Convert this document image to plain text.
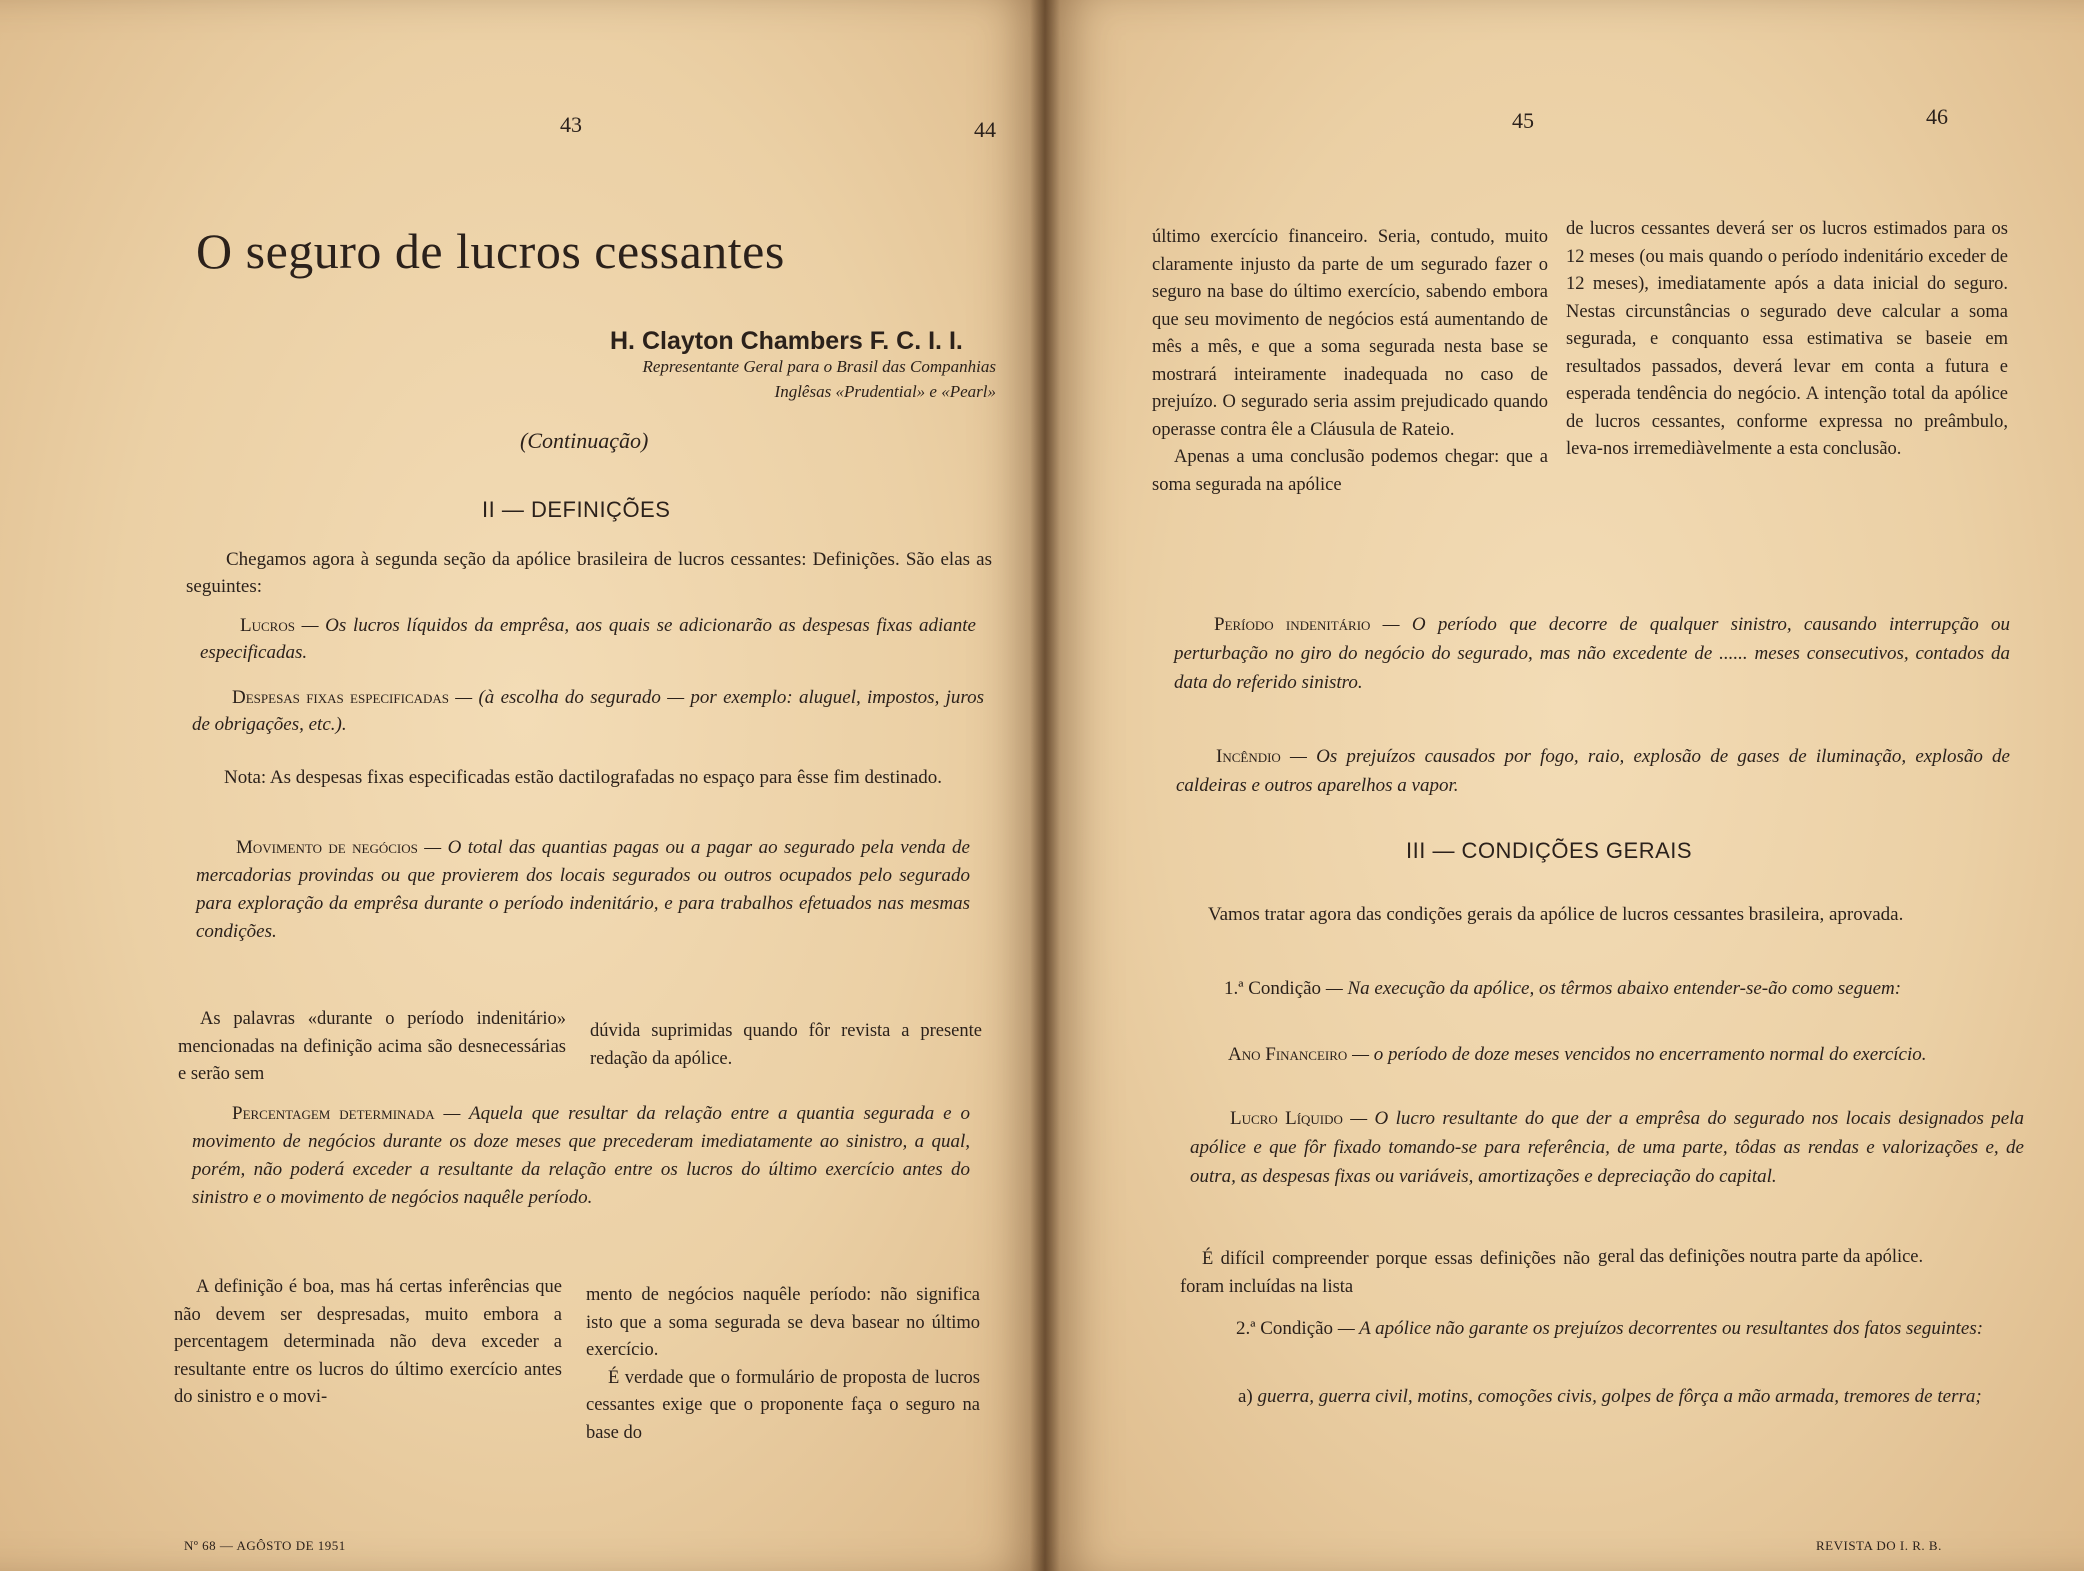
43	44
O seguro de lucros cessantes
H. Clayton Chambers F. C. I. I.
Representante Geral para o Brasil das Companhias Inglêsas «Prudential» e «Pearl»
(Continuação)
II — DEFINIÇÕES

Chegamos agora à segunda seção da apólice brasileira de lucros cessantes: Definições. São elas as seguintes:

Lucros — Os lucros líquidos da emprêsa, aos quais se adicionarão as despesas fixas adiante especificadas.

Despesas fixas especificadas — (à escolha do segurado — por exemplo: aluguel, impostos, juros de obrigações, etc.).

Nota: As despesas fixas especificadas estão dactilografadas no espaço para êsse fim destinado.

Movimento de negócios — O total das quantias pagas ou a pagar ao segurado pela venda de mercadorias provindas ou que provierem dos locais segurados ou outros ocupados pelo segurado para exploração da emprêsa durante o período indenitário, e para trabalhos efetuados nas mesmas condições.

As palavras «durante o período indenitário» mencionadas na definição acima são desnecessárias e serão sem

dúvida suprimidas quando fôr revista a presente redação da apólice.

Percentagem determinada — Aquela que resultar da relação entre a quantia segurada e o movimento de negócios durante os doze meses que precederam imediatamente ao sinistro, a qual, porém, não poderá exceder a resultante da relação entre os lucros do último exercício antes do sinistro e o movimento de negócios naquêle período.

A definição é boa, mas há certas inferências que não devem ser despresadas, muito embora a percentagem determinada não deva exceder a resultante entre os lucros do último exercício antes do sinistro e o movi-

mento de negócios naquêle período: não significa isto que a soma segurada se deva basear no último exercício.

É verdade que o formulário de proposta de lucros cessantes exige que o proponente faça o seguro na base do

Nº 68 — AGÔSTO DE 1951
45	46

último exercício financeiro. Seria, contudo, muito claramente injusto da parte de um segurado fazer o seguro na base do último exercício, sabendo embora que seu movimento de negócios está aumentando de mês a mês, e que a soma segurada nesta base se mostrará inteiramente inadequada no caso de prejuízo. O segurado seria assim prejudicado quando operasse contra êle a Cláusula de Rateio.

Apenas a uma conclusão podemos chegar: que a soma segurada na apólice

de lucros cessantes deverá ser os lucros estimados para os 12 meses (ou mais quando o período indenitário exceder de 12 meses), imediatamente após a data inicial do seguro. Nestas circunstâncias o segurado deve calcular a soma segurada, e conquanto essa estimativa se baseie em resultados passados, deverá levar em conta a futura e esperada tendência do negócio. A intenção total da apólice de lucros cessantes, conforme expressa no preâmbulo, leva-nos irremediàvelmente a esta conclusão.

Período indenitário — O período que decorre de qualquer sinistro, causando interrupção ou perturbação no giro do negócio do segurado, mas não excedente de ...... meses consecutivos, contados da data do referido sinistro.

Incêndio — Os prejuízos causados por fogo, raio, explosão de gases de iluminação, explosão de caldeiras e outros aparelhos a vapor.

III — CONDIÇÕES GERAIS

Vamos tratar agora das condições gerais da apólice de lucros cessantes brasileira, aprovada.

1.ª Condição — Na execução da apólice, os têrmos abaixo entender-se-ão como seguem:

Ano Financeiro — o período de doze meses vencidos no encerramento normal do exercício.

Lucro Líquido — O lucro resultante do que der a emprêsa do segurado nos locais designados pela apólice e que fôr fixado tomando-se para referência, de uma parte, tôdas as rendas e valorizações e, de outra, as despesas fixas ou variáveis, amortizações e depreciação do capital.

É difícil compreender porque essas definições não foram incluídas na lista

geral das definições noutra parte da apólice.

2.ª Condição — A apólice não garante os prejuízos decorrentes ou resultantes dos fatos seguintes:

a) guerra, guerra civil, motins, comoções civis, golpes de fôrça a mão armada, tremores de terra;

REVISTA DO I. R. B.
